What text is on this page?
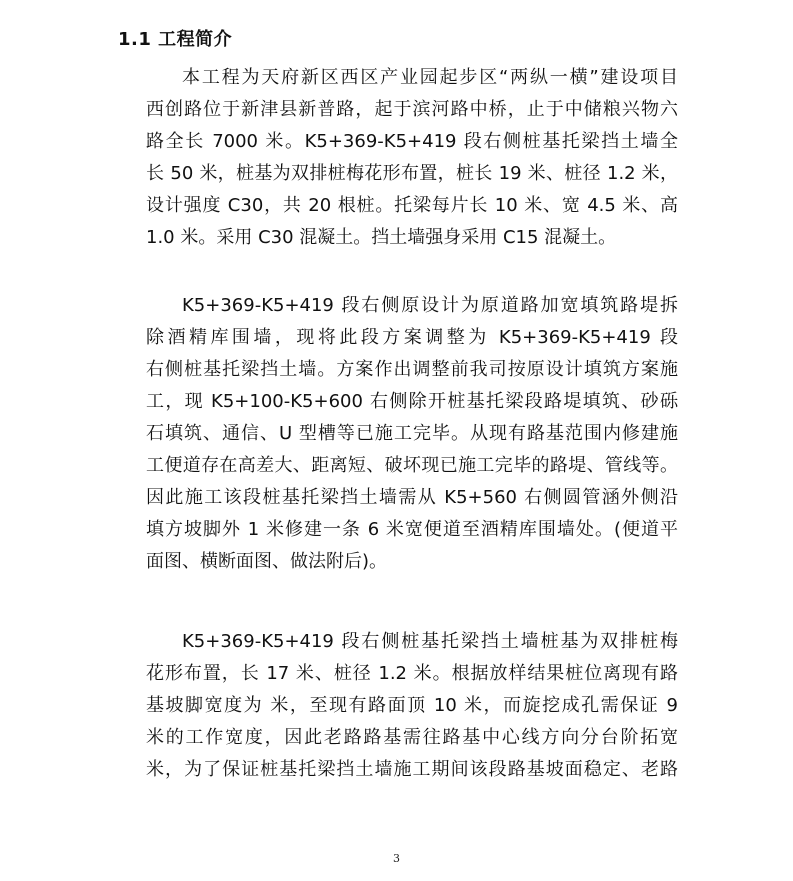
1.1 工程简介
本工程为天府新区西区产业园起步区“两纵一横”建设项目
西创路位于新津县新普路，起于滨河路中桥，止于中储粮兴物六
路全长 7000 米。K5+369-K5+419 段右侧桩基托梁挡土墙全
长 50 米，桩基为双排桩梅花形布置，桩长 19 米、桩径 1.2 米，
设计强度 C30，共 20 根桩。托梁每片长 10 米、宽 4.5 米、高
1.0 米。采用 C30 混凝土。挡土墙强身采用 C15 混凝土。
K5+369-K5+419 段右侧原设计为原道路加宽填筑路堤拆
除酒精库围墙，现将此段方案调整为 K5+369-K5+419 段
右侧桩基托梁挡土墙。方案作出调整前我司按原设计填筑方案施
工，现 K5+100-K5+600 右侧除开桩基托梁段路堤填筑、砂砾
石填筑、通信、U 型槽等已施工完毕。从现有路基范围内修建施
工便道存在高差大、距离短、破坏现已施工完毕的路堤、管线等。
因此施工该段桩基托梁挡土墙需从 K5+560 右侧圆管涵外侧沿
填方坡脚外 1 米修建一条 6 米宽便道至酒精库围墙处。(便道平
面图、横断面图、做法附后)。
K5+369-K5+419 段右侧桩基托梁挡土墙桩基为双排桩梅
花形布置，长 17 米、桩径 1.2 米。根据放样结果桩位离现有路
基坡脚宽度为 米，至现有路面顶 10 米，而旋挖成孔需保证 9
米的工作宽度，因此老路路基需往路基中心线方向分台阶拓宽
米，为了保证桩基托梁挡土墙施工期间该段路基坡面稳定、老路
3
